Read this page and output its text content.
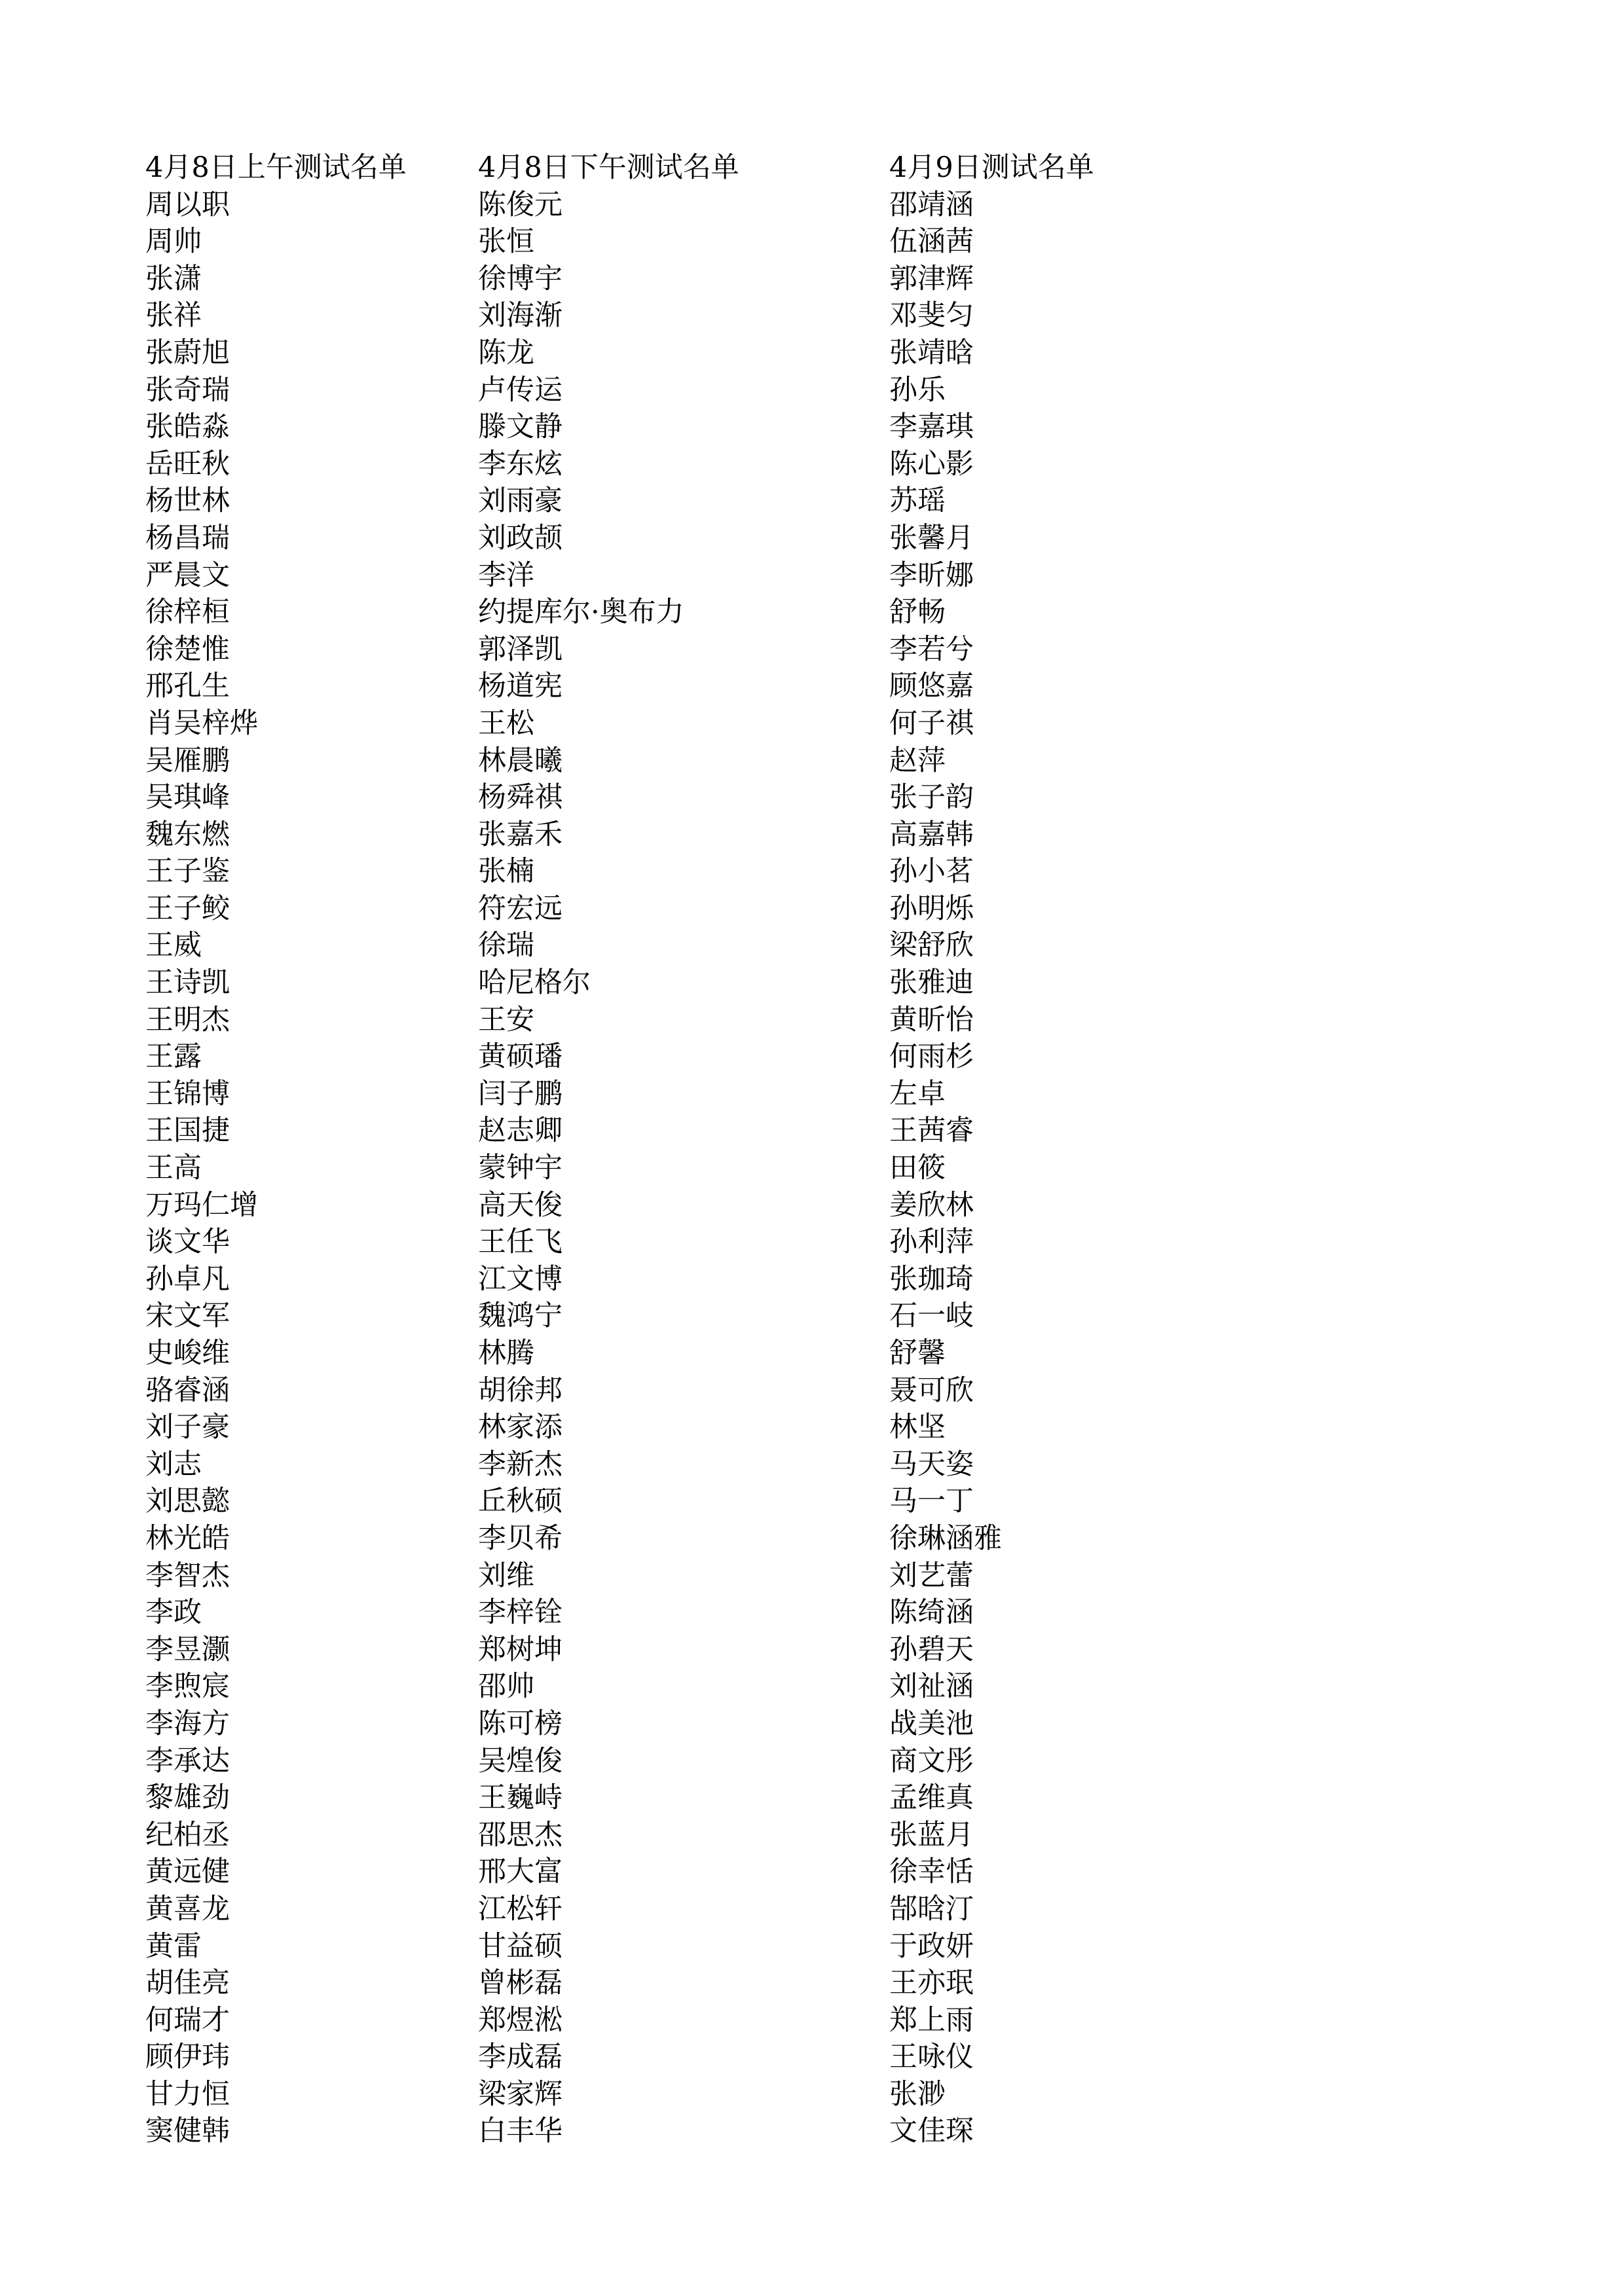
4月8日上午测试名单
周以职
周帅
张潇
张祥
张蔚旭
张奇瑞
张皓淼
岳旺秋
杨世林
杨昌瑞
严晨文
徐梓桓
徐楚惟
邢孔生
肖吴梓烨
吴雁鹏
吴琪峰
魏东燃
王子鉴
王子鲛
王威
王诗凯
王明杰
王露
王锦博
王国捷
王高
万玛仁增
谈文华
孙卓凡
宋文军
史峻维
骆睿涵
刘子豪
刘志
刘思懿
林光皓
李智杰
李政
李昱灏
李煦宸
李海方
李承达
黎雄劲
纪柏丞
黄远健
黄喜龙
黄雷
胡佳亮
何瑞才
顾伊玮
甘力恒
窦健韩
4月8日下午测试名单
陈俊元
张恒
徐博宇
刘海渐
陈龙
卢传运
滕文静
李东炫
刘雨豪
刘政颉
李洋
约提库尔·奥布力
郭泽凯
杨道宪
王松
林晨曦
杨舜祺
张嘉禾
张楠
符宏远
徐瑞
哈尼格尔
王安
黄硕璠
闫子鹏
赵志卿
蒙钟宇
高天俊
王任飞
江文博
魏鸿宁
林腾
胡徐邦
林家添
李新杰
丘秋硕
李贝希
刘维
李梓铨
郑树坤
邵帅
陈可榜
吴煌俊
王巍峙
邵思杰
邢大富
江松轩
甘益硕
曾彬磊
郑煜淞
李成磊
梁家辉
白丰华
4月9日测试名单
邵靖涵
伍涵茜
郭津辉
邓斐匀
张靖晗
孙乐
李嘉琪
陈心影
苏瑶
张馨月
李昕娜
舒畅
李若兮
顾悠嘉
何子祺
赵萍
张子韵
高嘉韩
孙小茗
孙明烁
梁舒欣
张雅迪
黄昕怡
何雨杉
左卓
王茜睿
田筱
姜欣林
孙利萍
张珈琦
石一岐
舒馨
聂可欣
林坚
马天姿
马一丁
徐琳涵雅
刘艺蕾
陈绮涵
孙碧天
刘祉涵
战美池
商文彤
孟维真
张蓝月
徐幸恬
郜晗汀
于政妍
王亦珉
郑上雨
王咏仪
张渺
文佳琛
